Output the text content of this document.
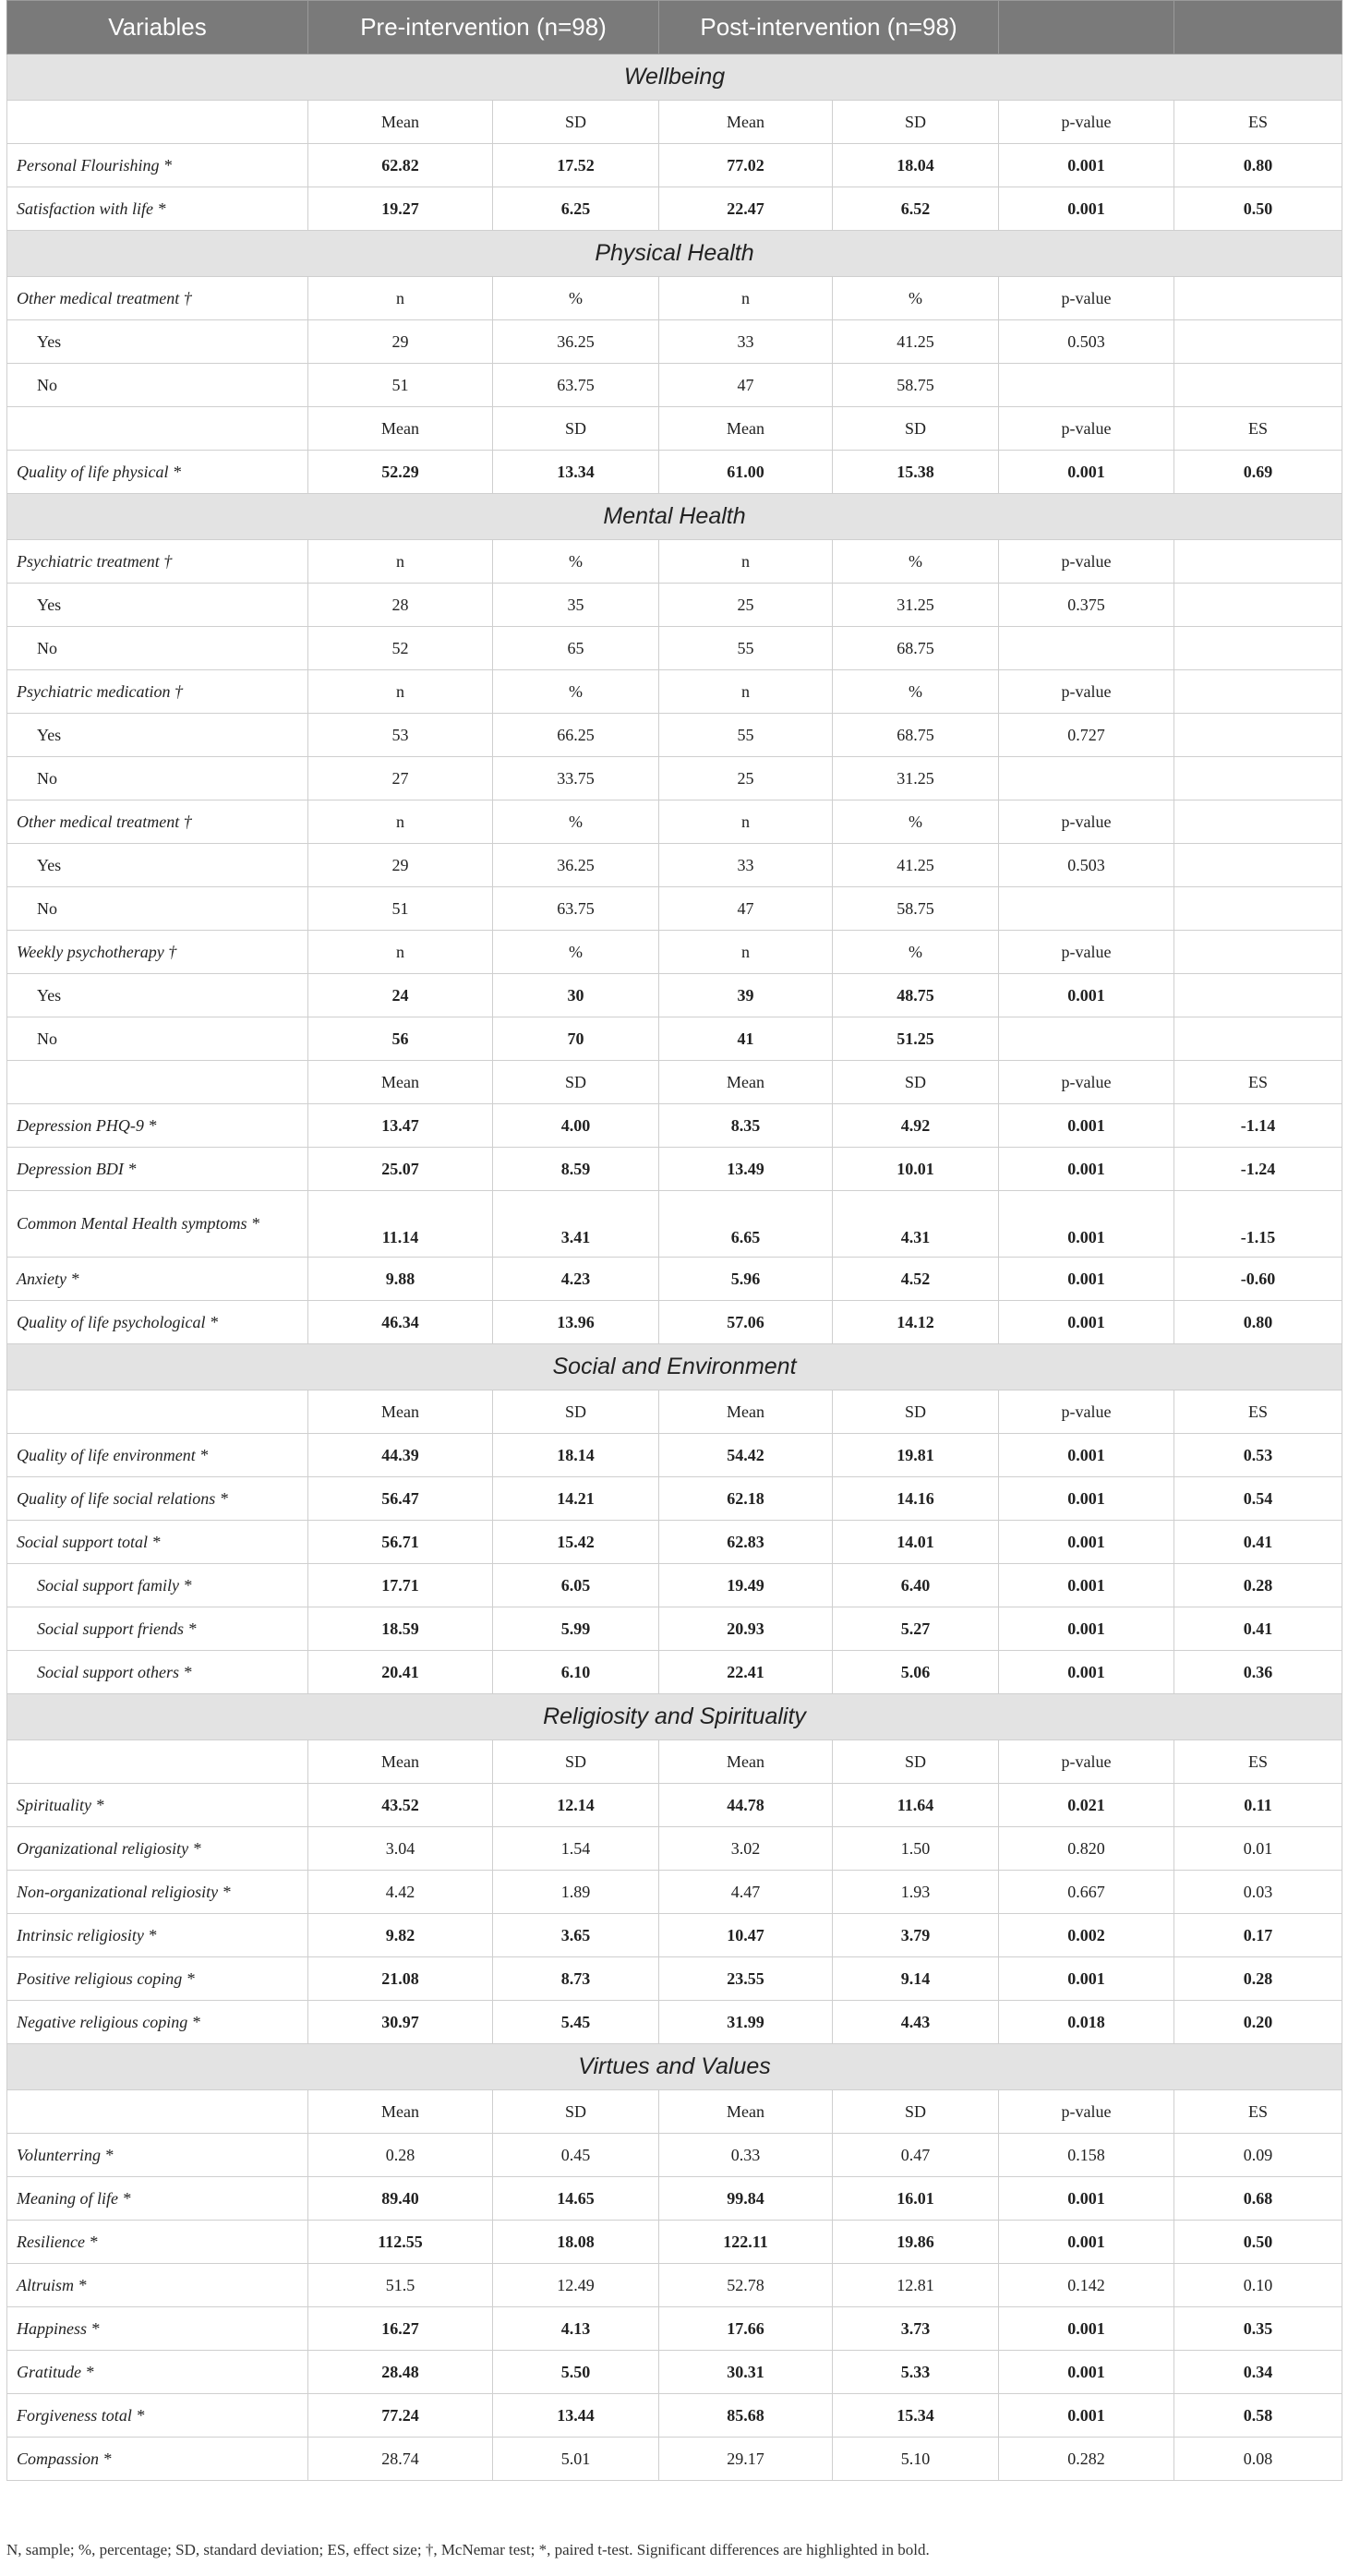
Variables	Pre-intervention (n=98)		Post-intervention (n=98)			
Wellbeing						
	Mean	SD	Mean	SD	p-value	ES
Personal Flourishing *	62.82	17.52	77.02	18.04	0.001	0.80
Satisfaction with life *	19.27	6.25	22.47	6.52	0.001	0.50
Physical Health						
Other medical treatment †	n	%	n	%	p-value	
Yes	29	36.25	33	41.25	0.503	
No	51	63.75	47	58.75		
	Mean	SD	Mean	SD	p-value	ES
Quality of life physical *	52.29	13.34	61.00	15.38	0.001	0.69
Mental Health						
Psychiatric treatment †	n	%	n	%	p-value	
Yes	28	35	25	31.25	0.375	
No	52	65	55	68.75		
Psychiatric medication †	n	%	n	%	p-value	
Yes	53	66.25	55	68.75	0.727	
No	27	33.75	25	31.25		
Other medical treatment †	n	%	n	%	p-value	
Yes	29	36.25	33	41.25	0.503	
No	51	63.75	47	58.75		
Weekly psychotherapy †	n	%	n	%	p-value	
Yes	24	30	39	48.75	0.001	
No	56	70	41	51.25		
	Mean	SD	Mean	SD	p-value	ES
Depression PHQ-9 *	13.47	4.00	8.35	4.92	0.001	-1.14
Depression BDI *	25.07	8.59	13.49	10.01	0.001	-1.24
Common Mental Health symptoms *	11.14	3.41	6.65	4.31	0.001	-1.15
Anxiety *	9.88	4.23	5.96	4.52	0.001	-0.60
Quality of life psychological *	46.34	13.96	57.06	14.12	0.001	0.80
Social and Environment						
	Mean	SD	Mean	SD	p-value	ES
Quality of life environment *	44.39	18.14	54.42	19.81	0.001	0.53
Quality of life social relations *	56.47	14.21	62.18	14.16	0.001	0.54
Social support total *	56.71	15.42	62.83	14.01	0.001	0.41
Social support family *	17.71	6.05	19.49	6.40	0.001	0.28
Social support friends *	18.59	5.99	20.93	5.27	0.001	0.41
Social support others *	20.41	6.10	22.41	5.06	0.001	0.36
Religiosity and Spirituality						
	Mean	SD	Mean	SD	p-value	ES
Spirituality *	43.52	12.14	44.78	11.64	0.021	0.11
Organizational religiosity *	3.04	1.54	3.02	1.50	0.820	0.01
Non-organizational religiosity *	4.42	1.89	4.47	1.93	0.667	0.03
Intrinsic religiosity *	9.82	3.65	10.47	3.79	0.002	0.17
Positive religious coping *	21.08	8.73	23.55	9.14	0.001	0.28
Negative religious coping *	30.97	5.45	31.99	4.43	0.018	0.20
Virtues and Values						
	Mean	SD	Mean	SD	p-value	ES
Volunterring *	0.28	0.45	0.33	0.47	0.158	0.09
Meaning of life *	89.40	14.65	99.84	16.01	0.001	0.68
Resilience *	112.55	18.08	122.11	19.86	0.001	0.50
Altruism *	51.5	12.49	52.78	12.81	0.142	0.10
Happiness *	16.27	4.13	17.66	3.73	0.001	0.35
Gratitude *	28.48	5.50	30.31	5.33	0.001	0.34
Forgiveness total *	77.24	13.44	85.68	15.34	0.001	0.58
Compassion *	28.74	5.01	29.17	5.10	0.282	0.08
N, sample; %, percentage; SD, standard deviation; ES, effect size; †, McNemar test; *, paired t-test. Significant differences are highlighted in bold.
